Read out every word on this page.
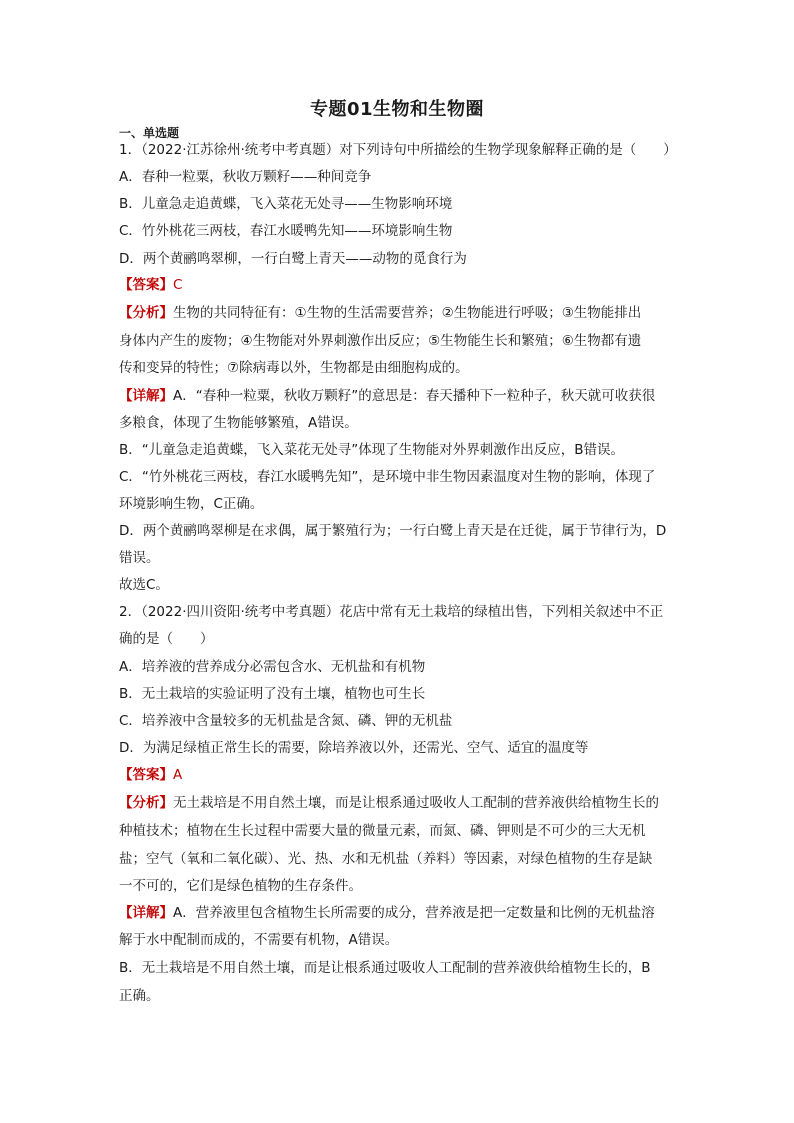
专题01生物和生物圈
一、单选题
1．（2022·江苏徐州·统考中考真题）对下列诗句中所描绘的生物学现象解释正确的是（　　）
A．春种一粒粟，秋收万颗籽——种间竞争
B．儿童急走追黄蝶，飞入菜花无处寻——生物影响环境
C．竹外桃花三两枝，春江水暖鸭先知——环境影响生物
D．两个黄鹂鸣翠柳，一行白鹭上青天——动物的觅食行为
【答案】C
【分析】生物的共同特征有：①生物的生活需要营养；②生物能进行呼吸；③生物能排出
身体内产生的废物；④生物能对外界刺激作出反应；⑤生物能生长和繁殖；⑥生物都有遗
传和变异的特性；⑦除病毒以外，生物都是由细胞构成的。
【详解】A．“春种一粒粟，秋收万颗籽”的意思是：春天播种下一粒种子，秋天就可收获很
多粮食，体现了生物能够繁殖，A错误。
B．“儿童急走追黄蝶，飞入菜花无处寻”体现了生物能对外界刺激作出反应，B错误。
C．“竹外桃花三两枝，春江水暖鸭先知”，是环境中非生物因素温度对生物的影响，体现了
环境影响生物，C正确。
D．两个黄鹂鸣翠柳是在求偶，属于繁殖行为；一行白鹭上青天是在迁徙，属于节律行为，D
错误。
故选C。
2．（2022·四川资阳·统考中考真题）花店中常有无土栽培的绿植出售，下列相关叙述中不正
确的是（　　）
A．培养液的营养成分必需包含水、无机盐和有机物
B．无土栽培的实验证明了没有土壤，植物也可生长
C．培养液中含量较多的无机盐是含氮、磷、钾的无机盐
D．为满足绿植正常生长的需要，除培养液以外，还需光、空气、适宜的温度等
【答案】A
【分析】无土栽培是不用自然土壤，而是让根系通过吸收人工配制的营养液供给植物生长的
种植技术；植物在生长过程中需要大量的微量元素，而氮、磷、钾则是不可少的三大无机
盐；空气（氧和二氧化碳）、光、热、水和无机盐（养料）等因素，对绿色植物的生存是缺
一不可的，它们是绿色植物的生存条件。
【详解】A．营养液里包含植物生长所需要的成分，营养液是把一定数量和比例的无机盐溶
解于水中配制而成的，不需要有机物，A错误。
B．无土栽培是不用自然土壤，而是让根系通过吸收人工配制的营养液供给植物生长的，B
正确。
